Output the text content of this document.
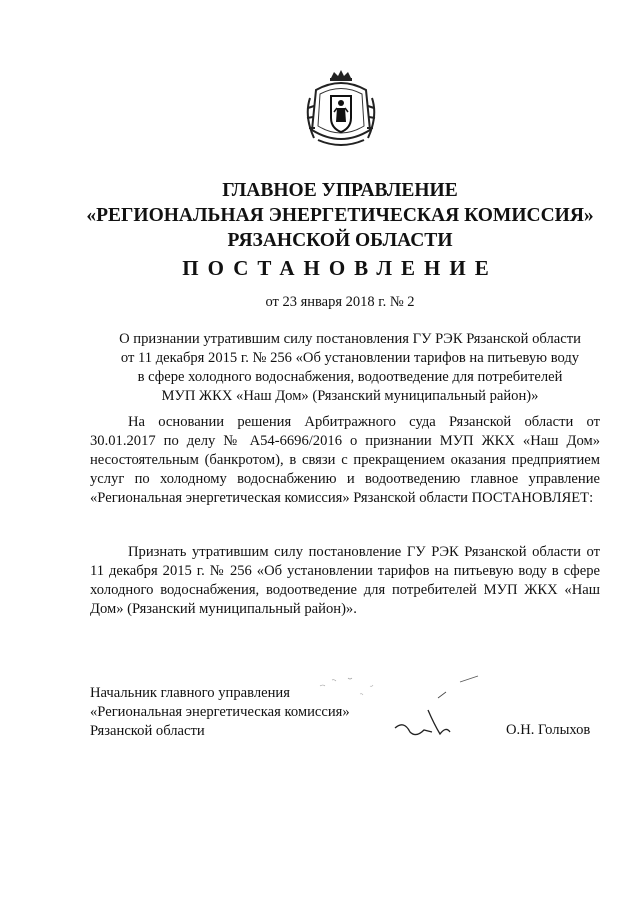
ГЛАВНОЕ УПРАВЛЕНИЕ
«РЕГИОНАЛЬНАЯ ЭНЕРГЕТИЧЕСКАЯ КОМИССИЯ»
РЯЗАНСКОЙ ОБЛАСТИ
ПОСТАНОВЛЕНИЕ
от 23 января 2018 г. № 2
О признании утратившим силу постановления ГУ РЭК Рязанской области
от 11 декабря 2015 г. № 256 «Об установлении тарифов на питьевую воду
в сфере холодного водоснабжения, водоотведение для потребителей
МУП ЖКХ «Наш Дом» (Рязанский муниципальный район)»
На основании решения Арбитражного суда Рязанской области от 30.01.2017 по делу № А54-6696/2016 о признании МУП ЖКХ «Наш Дом» несостоятельным (банкротом), в связи с прекращением оказания предприятием услуг по холодному водоснабжению и водоотведению главное управление «Региональная энергетическая комиссия» Рязанской области ПОСТАНОВЛЯЕТ:
Признать утратившим силу постановление ГУ РЭК Рязанской области от 11 декабря 2015 г. № 256 «Об установлении тарифов на питьевую воду в сфере холодного водоснабжения, водоотведение для потребителей МУП ЖКХ «Наш Дом» (Рязанский муниципальный район)».
Начальник главного управления
«Региональная энергетическая комиссия»
Рязанской области	О.Н. Голыхов
